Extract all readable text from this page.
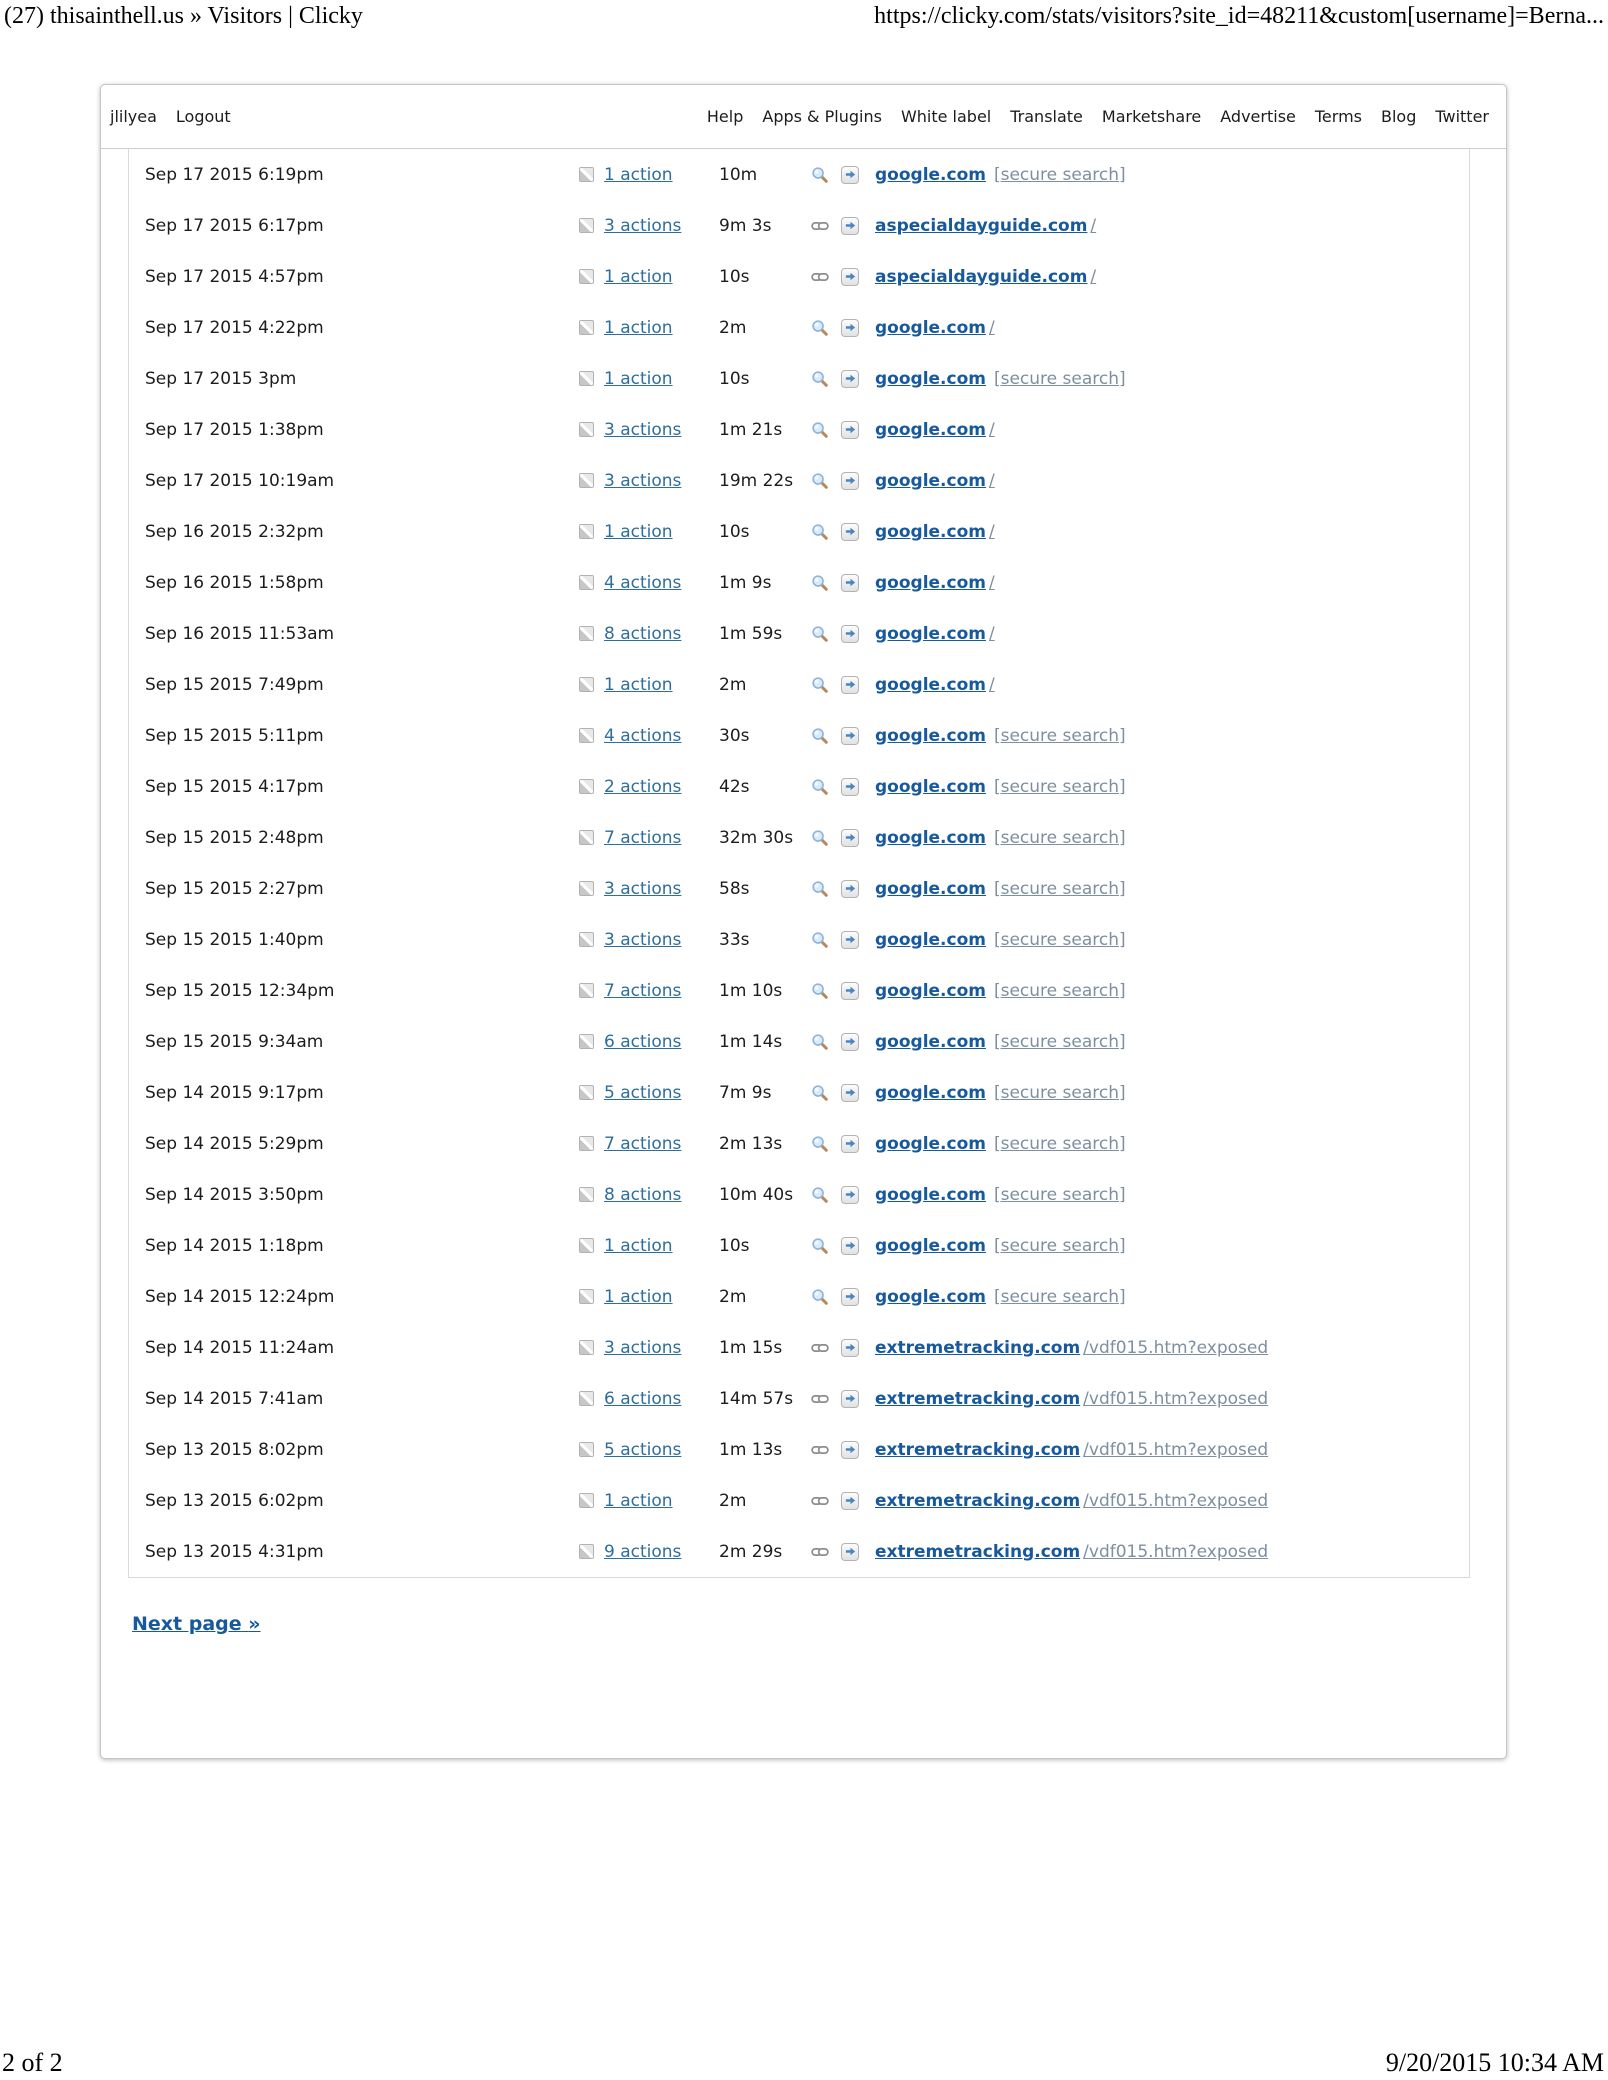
(27) thisainthell.us » Visitors | Clicky	https://clicky.com/stats/visitors?site_id=48211&custom[username]=Berna...
jlilyea Logout	Help Apps & Plugins White label Translate Marketshare Advertise Terms Blog Twitter
Sep 17 2015 6:19pm	1 action	10m	google.com [secure search]
Sep 17 2015 6:17pm	3 actions	9m 3s	aspecialdayguide.com /
Sep 17 2015 4:57pm	1 action	10s	aspecialdayguide.com /
Sep 17 2015 4:22pm	1 action	2m	google.com /
Sep 17 2015 3pm	1 action	10s	google.com [secure search]
Sep 17 2015 1:38pm	3 actions	1m 21s	google.com /
Sep 17 2015 10:19am	3 actions	19m 22s	google.com /
Sep 16 2015 2:32pm	1 action	10s	google.com /
Sep 16 2015 1:58pm	4 actions	1m 9s	google.com /
Sep 16 2015 11:53am	8 actions	1m 59s	google.com /
Sep 15 2015 7:49pm	1 action	2m	google.com /
Sep 15 2015 5:11pm	4 actions	30s	google.com [secure search]
Sep 15 2015 4:17pm	2 actions	42s	google.com [secure search]
Sep 15 2015 2:48pm	7 actions	32m 30s	google.com [secure search]
Sep 15 2015 2:27pm	3 actions	58s	google.com [secure search]
Sep 15 2015 1:40pm	3 actions	33s	google.com [secure search]
Sep 15 2015 12:34pm	7 actions	1m 10s	google.com [secure search]
Sep 15 2015 9:34am	6 actions	1m 14s	google.com [secure search]
Sep 14 2015 9:17pm	5 actions	7m 9s	google.com [secure search]
Sep 14 2015 5:29pm	7 actions	2m 13s	google.com [secure search]
Sep 14 2015 3:50pm	8 actions	10m 40s	google.com [secure search]
Sep 14 2015 1:18pm	1 action	10s	google.com [secure search]
Sep 14 2015 12:24pm	1 action	2m	google.com [secure search]
Sep 14 2015 11:24am	3 actions	1m 15s	extremetracking.com /vdf015.htm?exposed
Sep 14 2015 7:41am	6 actions	14m 57s	extremetracking.com /vdf015.htm?exposed
Sep 13 2015 8:02pm	5 actions	1m 13s	extremetracking.com /vdf015.htm?exposed
Sep 13 2015 6:02pm	1 action	2m	extremetracking.com /vdf015.htm?exposed
Sep 13 2015 4:31pm	9 actions	2m 29s	extremetracking.com /vdf015.htm?exposed
Next page »
2 of 2	9/20/2015 10:34 AM
